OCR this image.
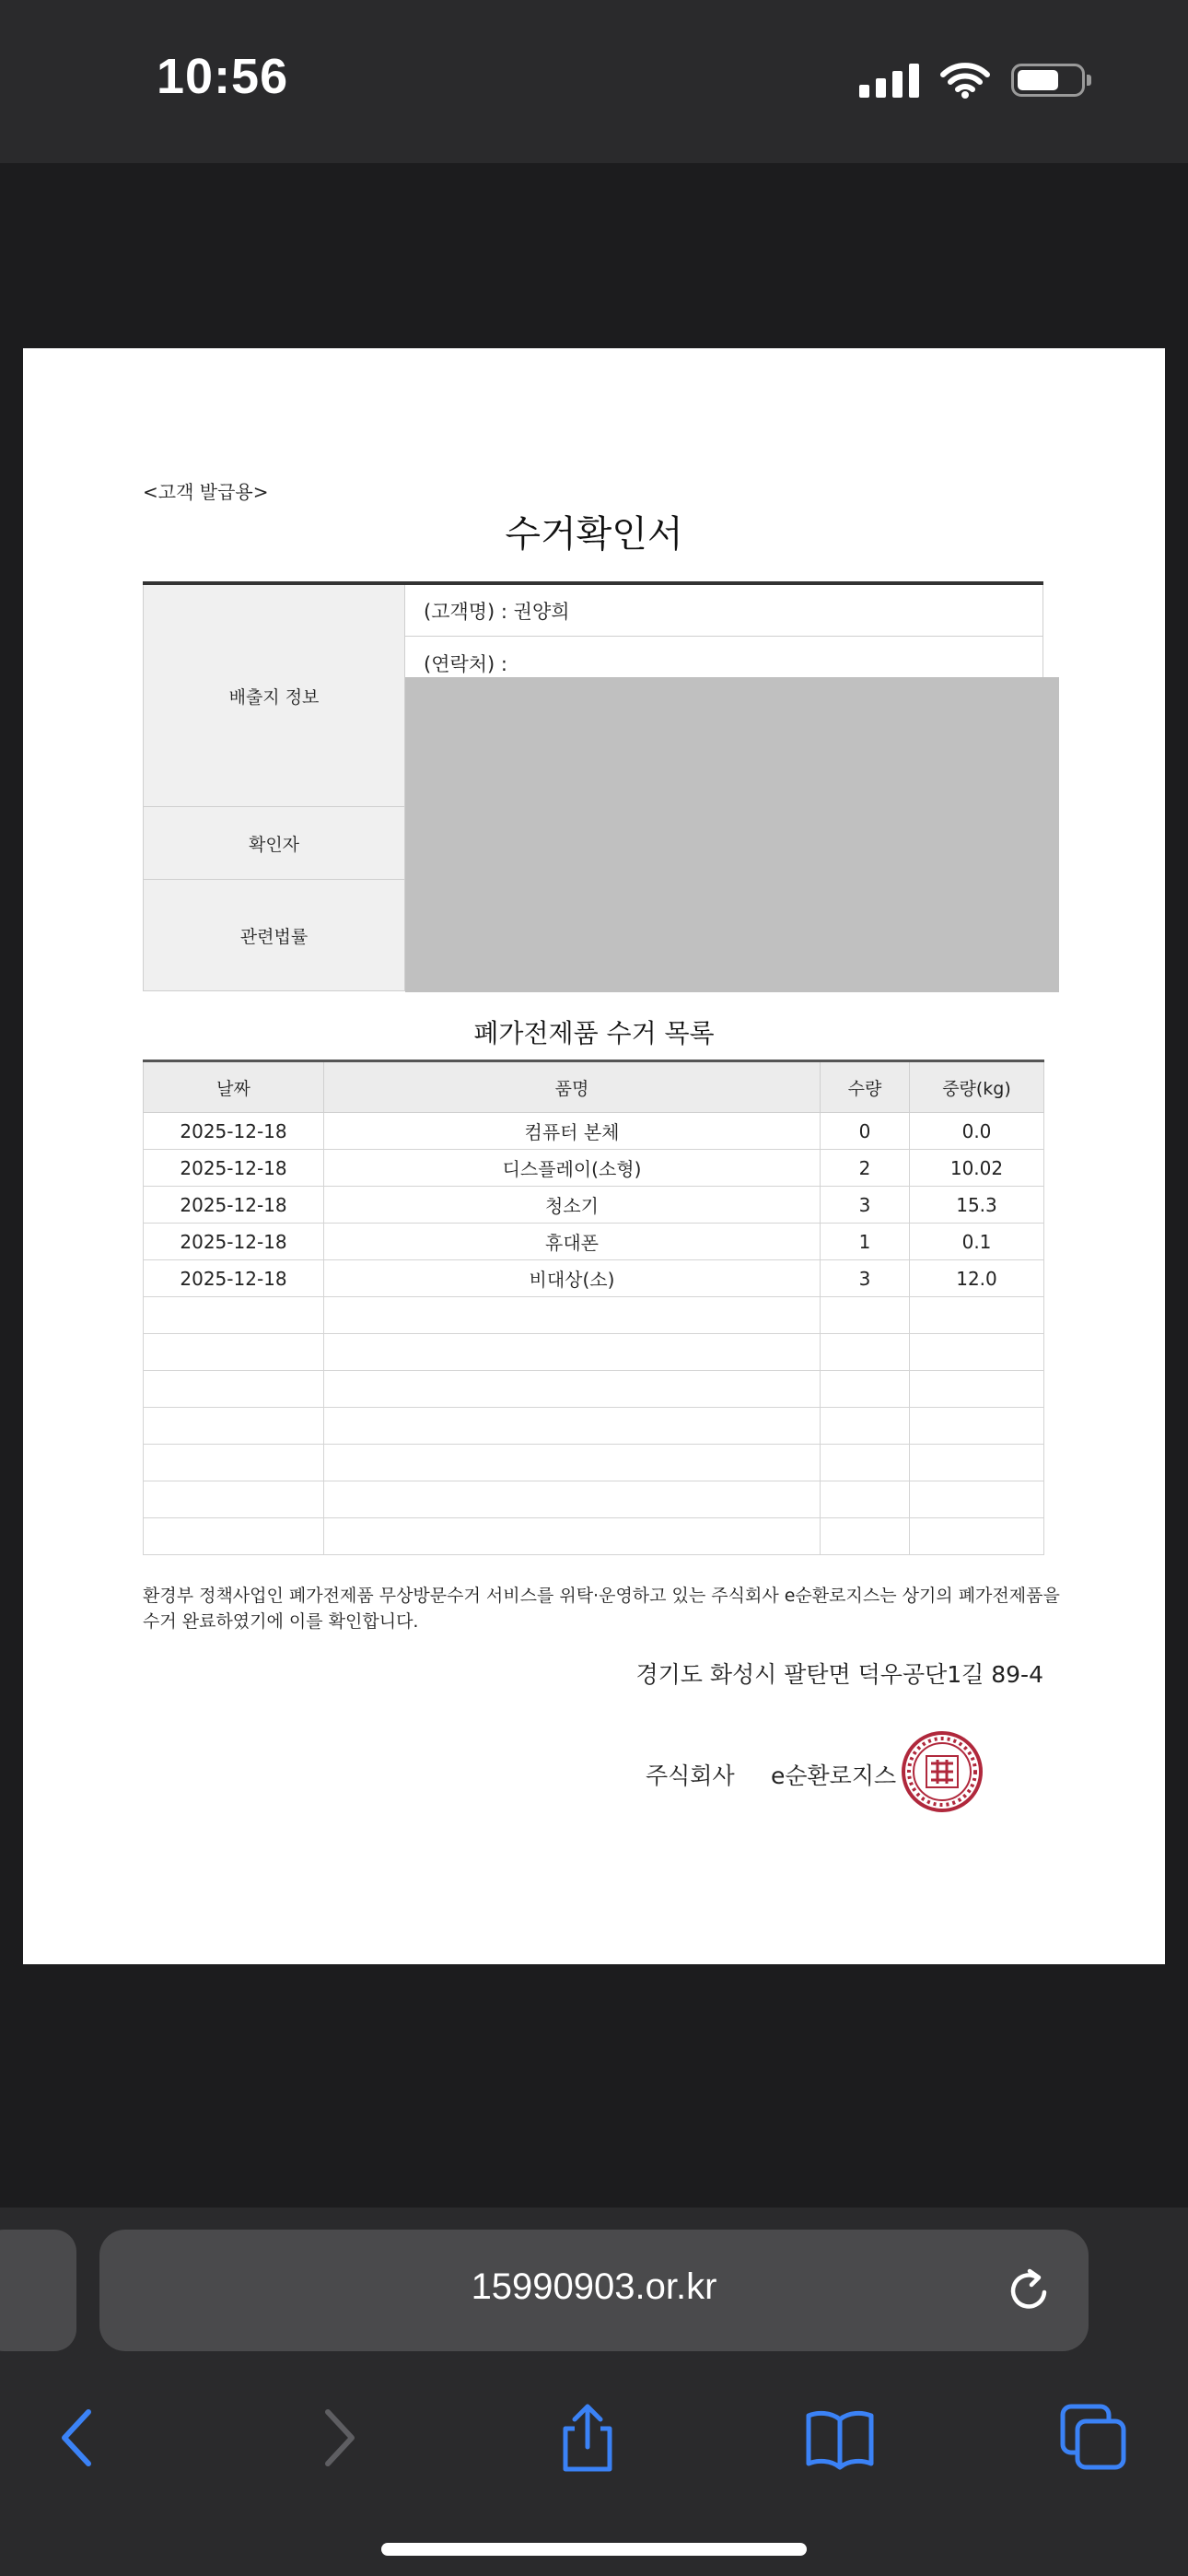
10:56
<고객 발급용>
수거확인서
배출지 정보
(고객명) : 권양희
(연락처) :
확인자
관련법률
폐가전제품 수거 목록
날짜	품명	수량	중량(kg)
2025-12-18	컴퓨터 본체	0	0.0
2025-12-18	디스플레이(소형)	2	10.02
2025-12-18	청소기	3	15.3
2025-12-18	휴대폰	1	0.1
2025-12-18	비대상(소)	3	12.0

환경부 정책사업인 폐가전제품 무상방문수거 서비스를 위탁·운영하고 있는 주식회사 e순환로지스는 상기의 폐가전제품을 수거 완료하였기에 이를 확인합니다.
경기도 화성시 팔탄면 덕우공단1길 89-4
주식회사 e순환로지스
15990903.or.kr
